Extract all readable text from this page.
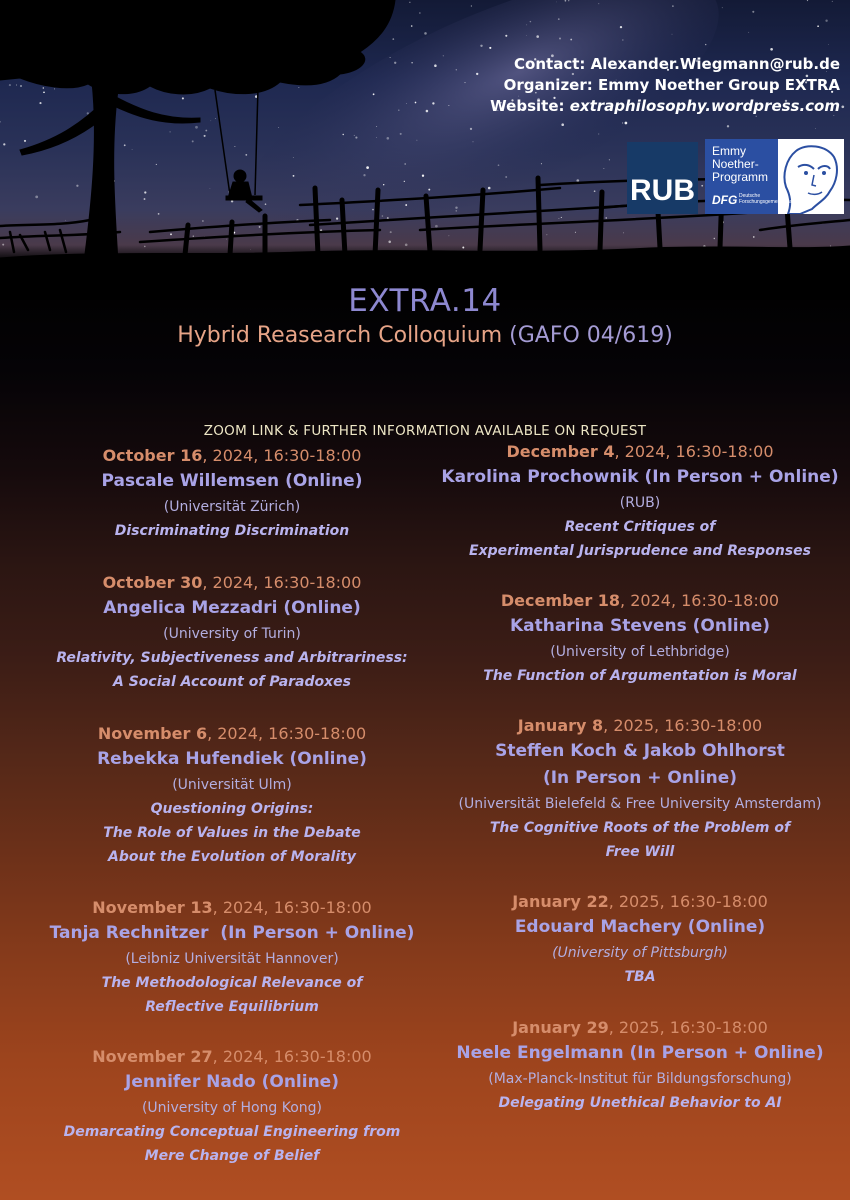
Contact: Alexander.Wiegmann@rub.de
Organizer: Emmy Noether Group EXTRA
Website: extraphilosophy.wordpress.com
RUB
Emmy
Noether-
Programm
DFG Deutsche
Forschungsgemeinschaft
EXTRA.14
Hybrid Reasearch Colloquium (GAFO 04/619)
ZOOM LINK & FURTHER INFORMATION AVAILABLE ON REQUEST
October 16, 2024, 16:30-18:00
Pascale Willemsen (Online)
(Universität Zürich)
Discriminating Discrimination
October 30, 2024, 16:30-18:00
Angelica Mezzadri (Online)
(University of Turin)
Relativity, Subjectiveness and Arbitrariness:
A Social Account of Paradoxes
November 6, 2024, 16:30-18:00
Rebekka Hufendiek (Online)
(Universität Ulm)
Questioning Origins:
The Role of Values in the Debate
About the Evolution of Morality
November 13, 2024, 16:30-18:00
Tanja Rechnitzer  (In Person + Online)
(Leibniz Universität Hannover)
The Methodological Relevance of
Reflective Equilibrium
November 27, 2024, 16:30-18:00
Jennifer Nado (Online)
(University of Hong Kong)
Demarcating Conceptual Engineering from
Mere Change of Belief
December 4, 2024, 16:30-18:00
Karolina Prochownik (In Person + Online)
(RUB)
Recent Critiques of
Experimental Jurisprudence and Responses
December 18, 2024, 16:30-18:00
Katharina Stevens (Online)
(University of Lethbridge)
The Function of Argumentation is Moral
January 8, 2025, 16:30-18:00
Steffen Koch & Jakob Ohlhorst
(In Person + Online)
(Universität Bielefeld & Free University Amsterdam)
The Cognitive Roots of the Problem of
Free Will
January 22, 2025, 16:30-18:00
Edouard Machery (Online)
(University of Pittsburgh)
TBA
January 29, 2025, 16:30-18:00
Neele Engelmann (In Person + Online)
(Max-Planck-Institut für Bildungsforschung)
Delegating Unethical Behavior to AI
